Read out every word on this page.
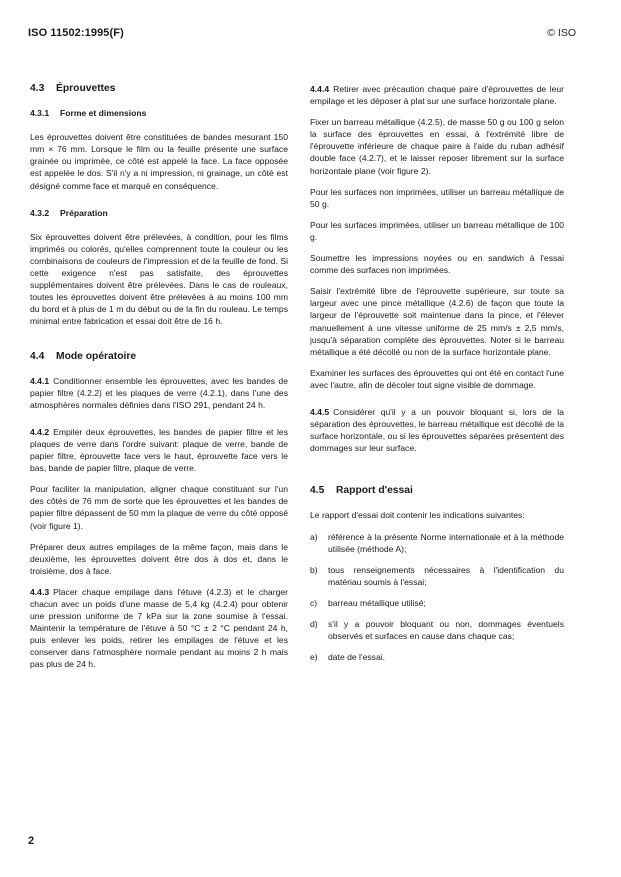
ISO 11502:1995(F)	© ISO
4.3	Éprouvettes
4.3.1	Forme et dimensions

Les éprouvettes doivent être constituées de bandes mesurant 150 mm × 76 mm. Lorsque le film ou la feuille présente une surface grainée ou imprimée, ce côté est appelé la face. La face opposée est appelée le dos. S'il n'y a ni impression, ni grainage, un côté est désigné comme face et marqué en conséquence.

4.3.2	Préparation

Six éprouvettes doivent être prélevées, à condition, pour les films imprimés ou colorés, qu'elles comprennent toute la couleur ou les combinaisons de couleurs de l'impression et de la feuille de fond. Si cette exigence n'est pas satisfaite, des éprouvettes supplémentaires doivent être prélevées. Dans le cas de rouleaux, toutes les éprouvettes doivent être prélevées à au moins 100 mm du bord et à plus de 1 m du début ou de la fin du rouleau. Le temps minimal entre fabrication et essai doit être de 16 h.

4.4	Mode opératoire

4.4.1 Conditionner ensemble les éprouvettes, avec les bandes de papier filtre (4.2.2) et les plaques de verre (4.2.1), dans l'une des atmosphères normales définies dans l'ISO 291, pendant 24 h.

4.4.2 Empiler deux éprouvettes, les bandes de papier filtre et les plaques de verre dans l'ordre suivant: plaque de verre, bande de papier filtre, éprouvette face vers le haut, éprouvette face vers le bas, bande de papier filtre, plaque de verre.

Pour faciliter la manipulation, aligner chaque constituant sur l'un des côtés de 76 mm de sorte que les éprouvettes et les bandes de papier filtre dépassent de 50 mm la plaque de verre du côté opposé (voir figure 1).

Préparer deux autres empilages de la même façon, mais dans le deuxième, les éprouvettes doivent être dos à dos et, dans le troisième, dos à face.

4.4.3 Placer chaque empilage dans l'étuve (4.2.3) et le charger chacun avec un poids d'une masse de 5,4 kg (4.2.4) pour obtenir une pression uniforme de 7 kPa sur la zone soumise à l'essai. Maintenir la température de l'étuve à 50 °C ± 2 °C pendant 24 h, puis enlever les poids, retirer les empilages de l'étuve et les conserver dans l'atmosphère normale pendant au moins 2 h mais pas plus de 24 h.

4.4.4 Retirer avec précaution chaque paire d'éprouvettes de leur empilage et les déposer à plat sur une surface horizontale plane.

Fixer un barreau métallique (4.2.5), de masse 50 g ou 100 g selon la surface des éprouvettes en essai, à l'extrémité libre de l'éprouvette inférieure de chaque paire à l'aide du ruban adhésif double face (4.2.7), et le laisser reposer librement sur la surface horizontale plane (voir figure 2).

Pour les surfaces non imprimées, utiliser un barreau métallique de 50 g.

Pour les surfaces imprimées, utiliser un barreau métallique de 100 g.

Soumettre les impressions noyées ou en sandwich à l'essai comme des surfaces non imprimées.

Saisir l'extrémité libre de l'éprouvette supérieure, sur toute sa largeur avec une pince métallique (4.2.6) de façon que toute la largeur de l'éprouvette soit maintenue dans la pince, et l'élever manuellement à une vitesse uniforme de 25 mm/s ± 2,5 mm/s, jusqu'à séparation complète des éprouvettes. Noter si le barreau métallique a été décollé ou non de la surface horizontale plane.

Examiner les surfaces des éprouvettes qui ont été en contact l'une avec l'autre, afin de décoler tout signe visible de dommage.

4.4.5 Considérer qu'il y a un pouvoir bloquant si, lors de la séparation des éprouvettes, le barreau métallique est décollé de la surface horizontale, ou si les éprouvettes séparées présentent des dommages sur leur surface.

4.5	Rapport d'essai

Le rapport d'essai doit contenir les indications suivantes:

a)	référence à la présente Norme internationale et à la méthode utilisée (méthode A);
b)	tous renseignements nécessaires à l'identification du matériau soumis à l'essai;
c)	barreau métallique utilisé;
d)	s'il y a pouvoir bloquant ou non, dommages éventuels observés et surfaces en cause dans chaque cas;
e)	date de l'essai.
2
